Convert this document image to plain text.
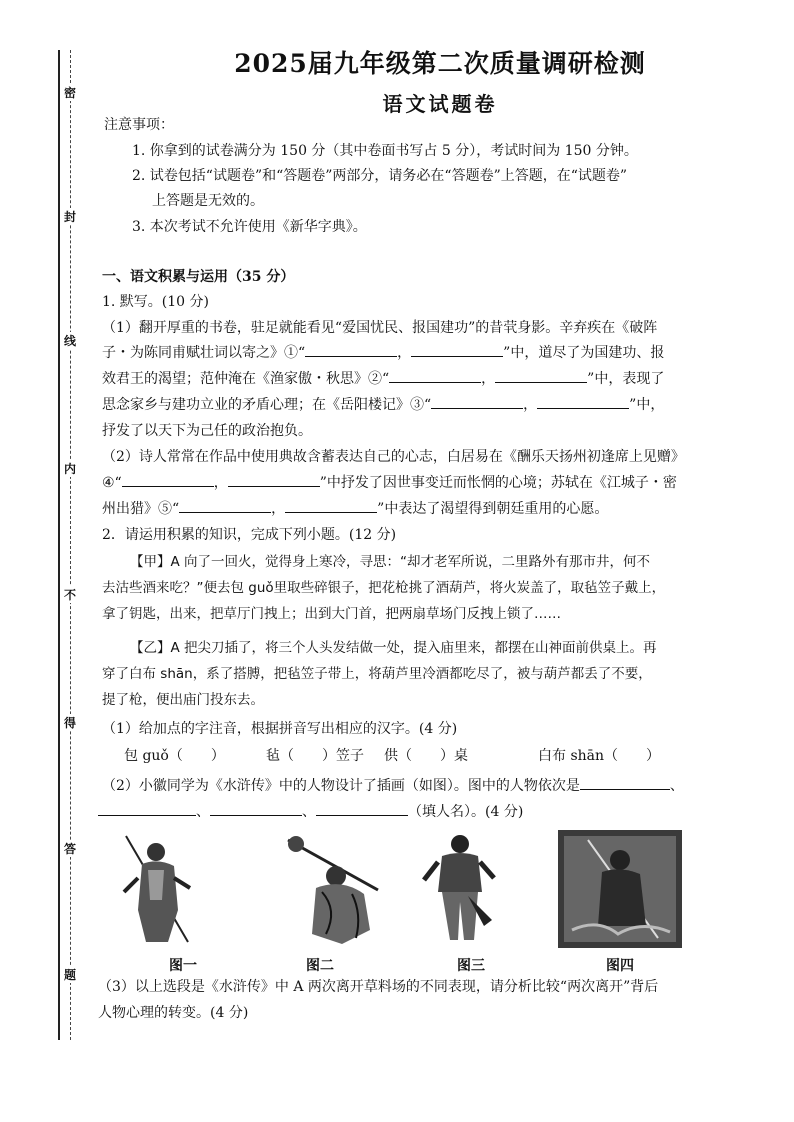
密
封
线
内
不
得
答
题
2025届九年级第二次质量调研检测
语文试题卷
注意事项：
1. 你拿到的试卷满分为 150 分（其中卷面书写占 5 分），考试时间为 150 分钟。
2. 试卷包括“试题卷”和“答题卷”两部分，请务必在“答题卷”上答题，在“试题卷”
上答题是无效的。
3. 本次考试不允许使用《新华字典》。
一、语文积累与运用（35 分）
1. 默写。(10 分)
（1）翻开厚重的书卷，驻足就能看见“爱国忧民、报国建功”的昔茕身影。辛弃疾在《破阵
子・为陈同甫赋壮词以寄之》①“	，	”中，道尽了为国建功、报
效君王的渴望；范仲淹在《渔家傲・秋思》②“	，	”中，表现了
思念家乡与建功立业的矛盾心理；在《岳阳楼记》③“	，	”中，
抒发了以天下为己任的政治抱负。
（2）诗人常常在作品中使用典故含蓄表达自己的心志，白居易在《酬乐天扬州初逢席上见赠》
④“	，	”中抒发了因世事变迁而怅惘的心境；苏轼在《江城子・密
州出猎》⑤“	，	”中表达了渴望得到朝廷重用的心愿。
2．请运用积累的知识，完成下列小题。(12 分)
【甲】A 向了一回火，觉得身上寒冷，寻思：“却才老军所说，二里路外有那市井，何不
去沽些酒来吃？”便去包 guǒ里取些碎银子，把花枪挑了酒葫芦，将火炭盖了，取毡笠子戴上，
拿了钥匙，出来，把草厅门拽上；出到大门首，把两扇草场门反拽上锁了……
【乙】A 把尖刀插了，将三个人头发结做一处，提入庙里来，都摆在山神面前供桌上。再
穿了白布 shān，系了搭膊，把毡笠子带上，将葫芦里冷酒都吃尽了，被与葫芦都丢了不要，
提了枪，便出庙门投东去。
（1）给加点的字注音，根据拼音写出相应的汉字。(4 分)
包 guǒ（　　）	毡（　　）笠子 供（　　）桌	白布 shān（　　）
（2）小徽同学为《水浒传》中的人物设计了插画（如图）。图中的人物依次是	、
、	、	（填人名）。(4 分)
图一	图二	图三	图四
（3）以上选段是《水浒传》中 A 两次离开草料场的不同表现，请分析比较“两次离开”背后
人物心理的转变。(4 分)
